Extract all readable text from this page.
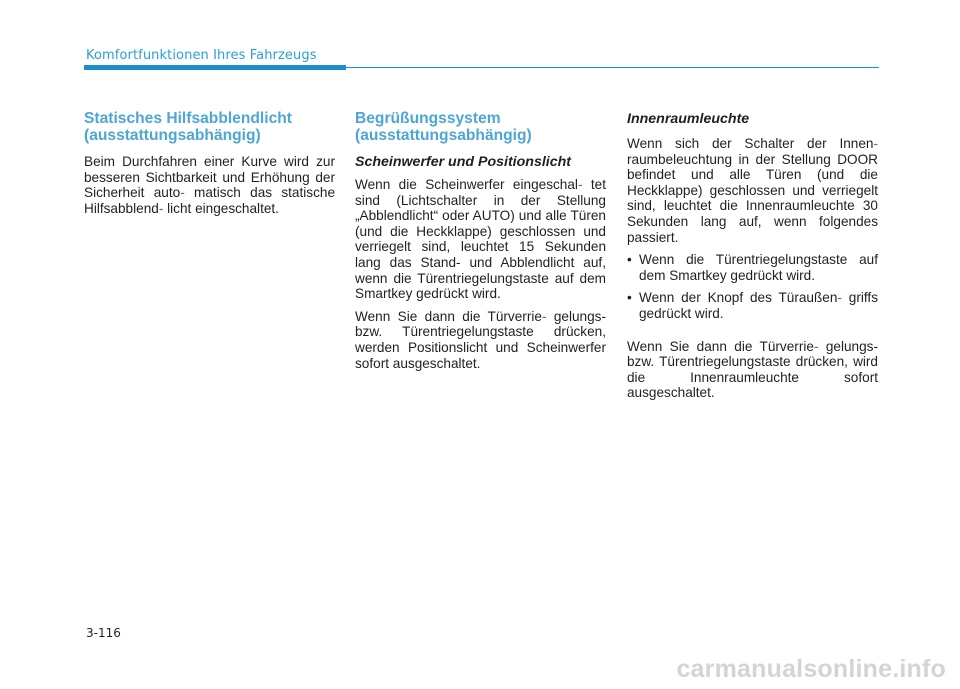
Komfortfunktionen Ihres Fahrzeugs
Statisches Hilfsabblendlicht
(ausstattungsabhängig)

Beim Durchfahren einer Kurve wird zur besseren Sichtbarkeit und Erhöhung der Sicherheit auto- matisch das statische Hilfsabblend- licht eingeschaltet.

Begrüßungssystem
(ausstattungsabhängig)
Scheinwerfer und Positionslicht

Wenn die Scheinwerfer eingeschal- tet sind (Lichtschalter in der Stellung „Abblendlicht“ oder AUTO) und alle Türen (und die Heckklappe) geschlossen und verriegelt sind, leuchtet 15 Sekunden lang das Stand- und Abblendlicht auf, wenn die Türentriegelungstaste auf dem Smartkey gedrückt wird.

Wenn Sie dann die Türverrie- gelungs- bzw. Türentriegelungstaste drücken, werden Positionslicht und Scheinwerfer sofort ausgeschaltet.

Innenraumleuchte

Wenn sich der Schalter der Innen- raumbeleuchtung in der Stellung DOOR befindet und alle Türen (und die Heckklappe) geschlossen und verriegelt sind, leuchtet die Innenraumleuchte 30 Sekunden lang auf, wenn folgendes passiert.

• Wenn die Türentriegelungstaste auf dem Smartkey gedrückt wird.
• Wenn der Knopf des Türaußen- griffs gedrückt wird.

Wenn Sie dann die Türverrie- gelungs- bzw. Türentriegelungstaste drücken, wird die Innenraumleuchte sofort ausgeschaltet.

3-116
carmanualsonline.info
